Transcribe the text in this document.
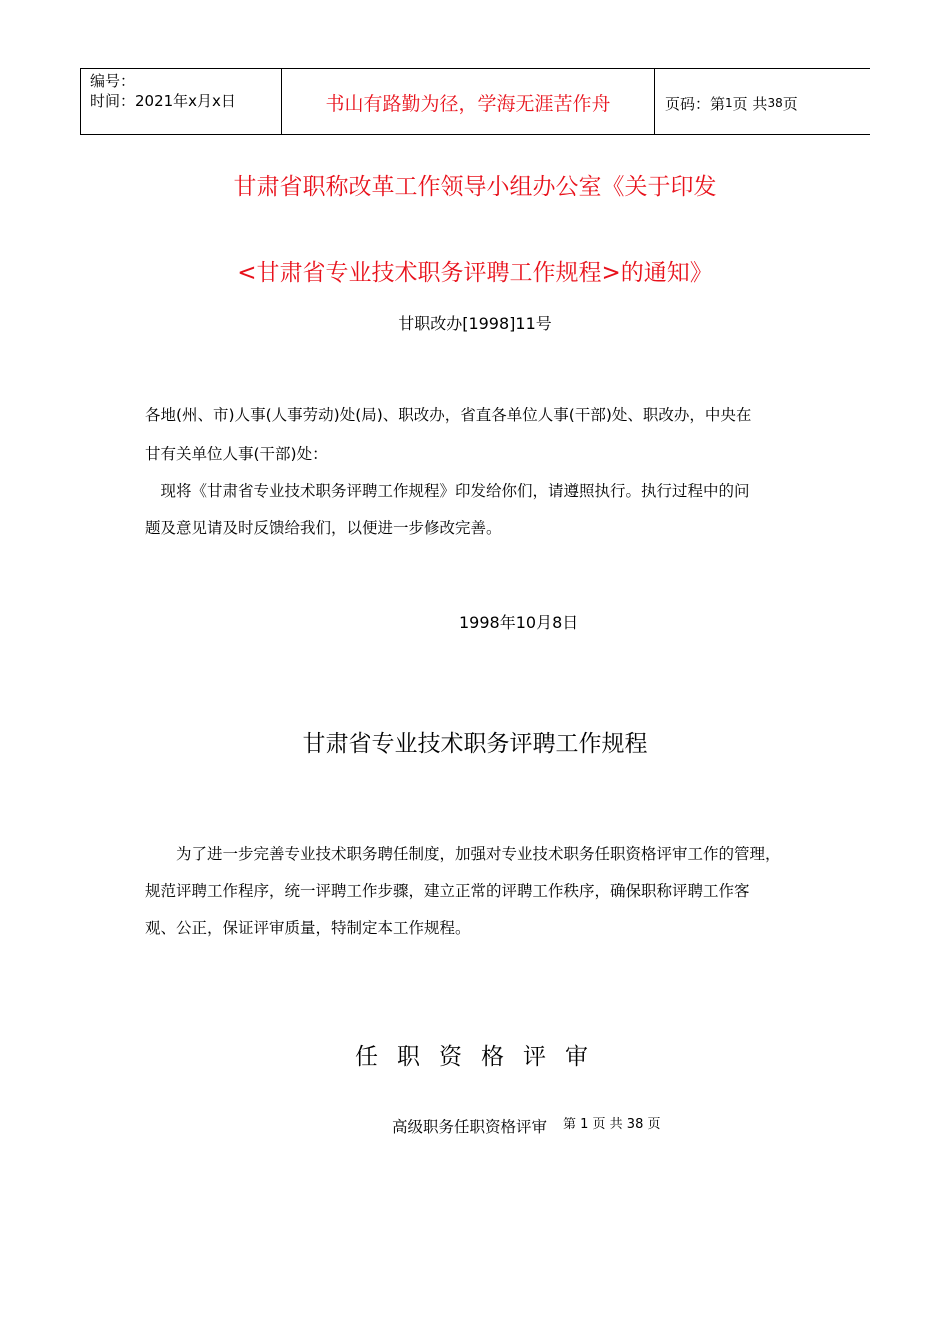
编号：
时间：2021年x月x日	书山有路勤为径，学海无涯苦作舟	页码：第 1 页 共 38 页
甘肃省职称改革工作领导小组办公室《关于印发
<甘肃省专业技术职务评聘工作规程>的通知》
甘职改办[1998]11号
各地(州、市)人事(人事劳动)处(局)、职改办，省直各单位人事(干部)处、职改办，中央在
甘有关单位人事(干部)处：
　现将《甘肃省专业技术职务评聘工作规程》印发给你们，请遵照执行。执行过程中的问
题及意见请及时反馈给我们，以便进一步修改完善。
1998年10月8日
甘肃省专业技术职务评聘工作规程
　　为了进一步完善专业技术职务聘任制度，加强对专业技术职务任职资格评审工作的管理，
规范评聘工作程序，统一评聘工作步骤，建立正常的评聘工作秩序，确保职称评聘工作客
观、公正，保证评审质量，特制定本工作规程。
任职资格评审
高级职务任职资格评审 第 1 页 共 38 页
